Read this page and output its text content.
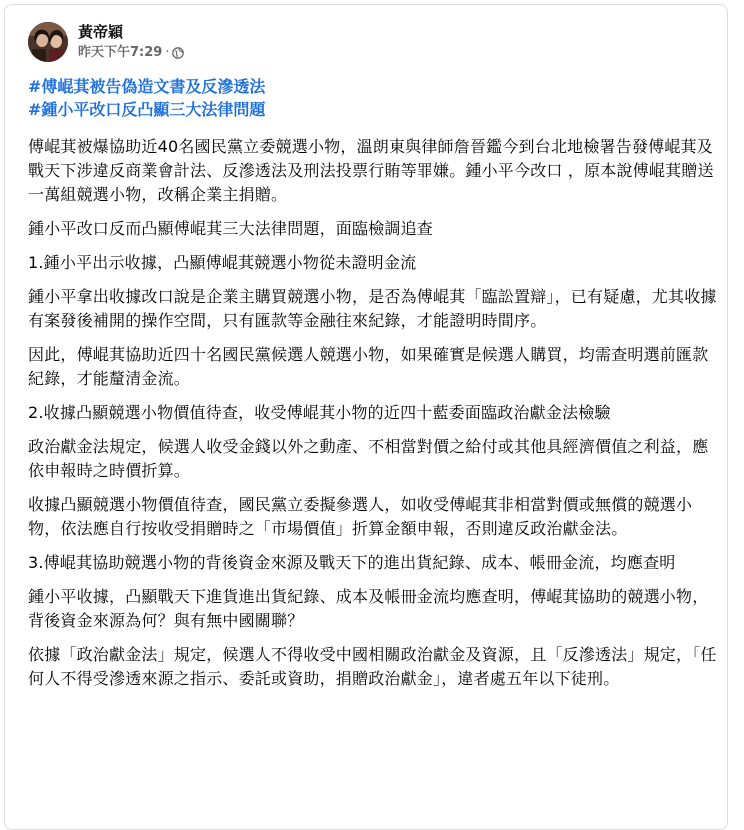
黃帝穎
昨天下午7:29 ·
#傅崐萁被告偽造文書及反滲透法
#鍾小平改口反凸顯三大法律問題

傅崐萁被爆協助近40名國民黨立委競選小物，溫朗東與律師詹晉鑑今到台北地檢署告發傅崐萁及戰天下涉違反商業會計法、反滲透法及刑法投票行賄等罪嫌。鍾小平今改口 ，原本說傅崐萁贈送一萬組競選小物，改稱企業主捐贈。

鍾小平改口反而凸顯傅崐萁三大法律問題，面臨檢調追查

1.鍾小平出示收據，凸顯傅崐萁競選小物從未證明金流

鍾小平拿出收據改口說是企業主購買競選小物，是否為傅崐萁「臨訟置辯」，已有疑慮，尤其收據有案發後補開的操作空間，只有匯款等金融往來紀錄，才能證明時間序。

因此，傅崐萁協助近四十名國民黨候選人競選小物，如果確實是候選人購買，均需查明選前匯款紀錄，才能釐清金流。

2.收據凸顯競選小物價值待查，收受傅崐萁小物的近四十藍委面臨政治獻金法檢驗

政治獻金法規定，候選人收受金錢以外之動產、不相當對價之給付或其他具經濟價值之利益，應依申報時之時價折算。

收據凸顯競選小物價值待查，國民黨立委擬參選人，如收受傅崐萁非相當對價或無償的競選小物，依法應自行按收受捐贈時之「市場價值」折算金額申報，否則違反政治獻金法。

3.傅崐萁協助競選小物的背後資金來源及戰天下的進出貨紀錄、成本、帳冊金流，均應查明

鍾小平收據，凸顯戰天下進貨進出貨紀錄、成本及帳冊金流均應查明，傅崐萁協助的競選小物，背後資金來源為何？與有無中國關聯？

依據「政治獻金法」規定，候選人不得收受中國相關政治獻金及資源，且「反滲透法」規定，「任何人不得受滲透來源之指示、委託或資助，捐贈政治獻金」，違者處五年以下徒刑。
